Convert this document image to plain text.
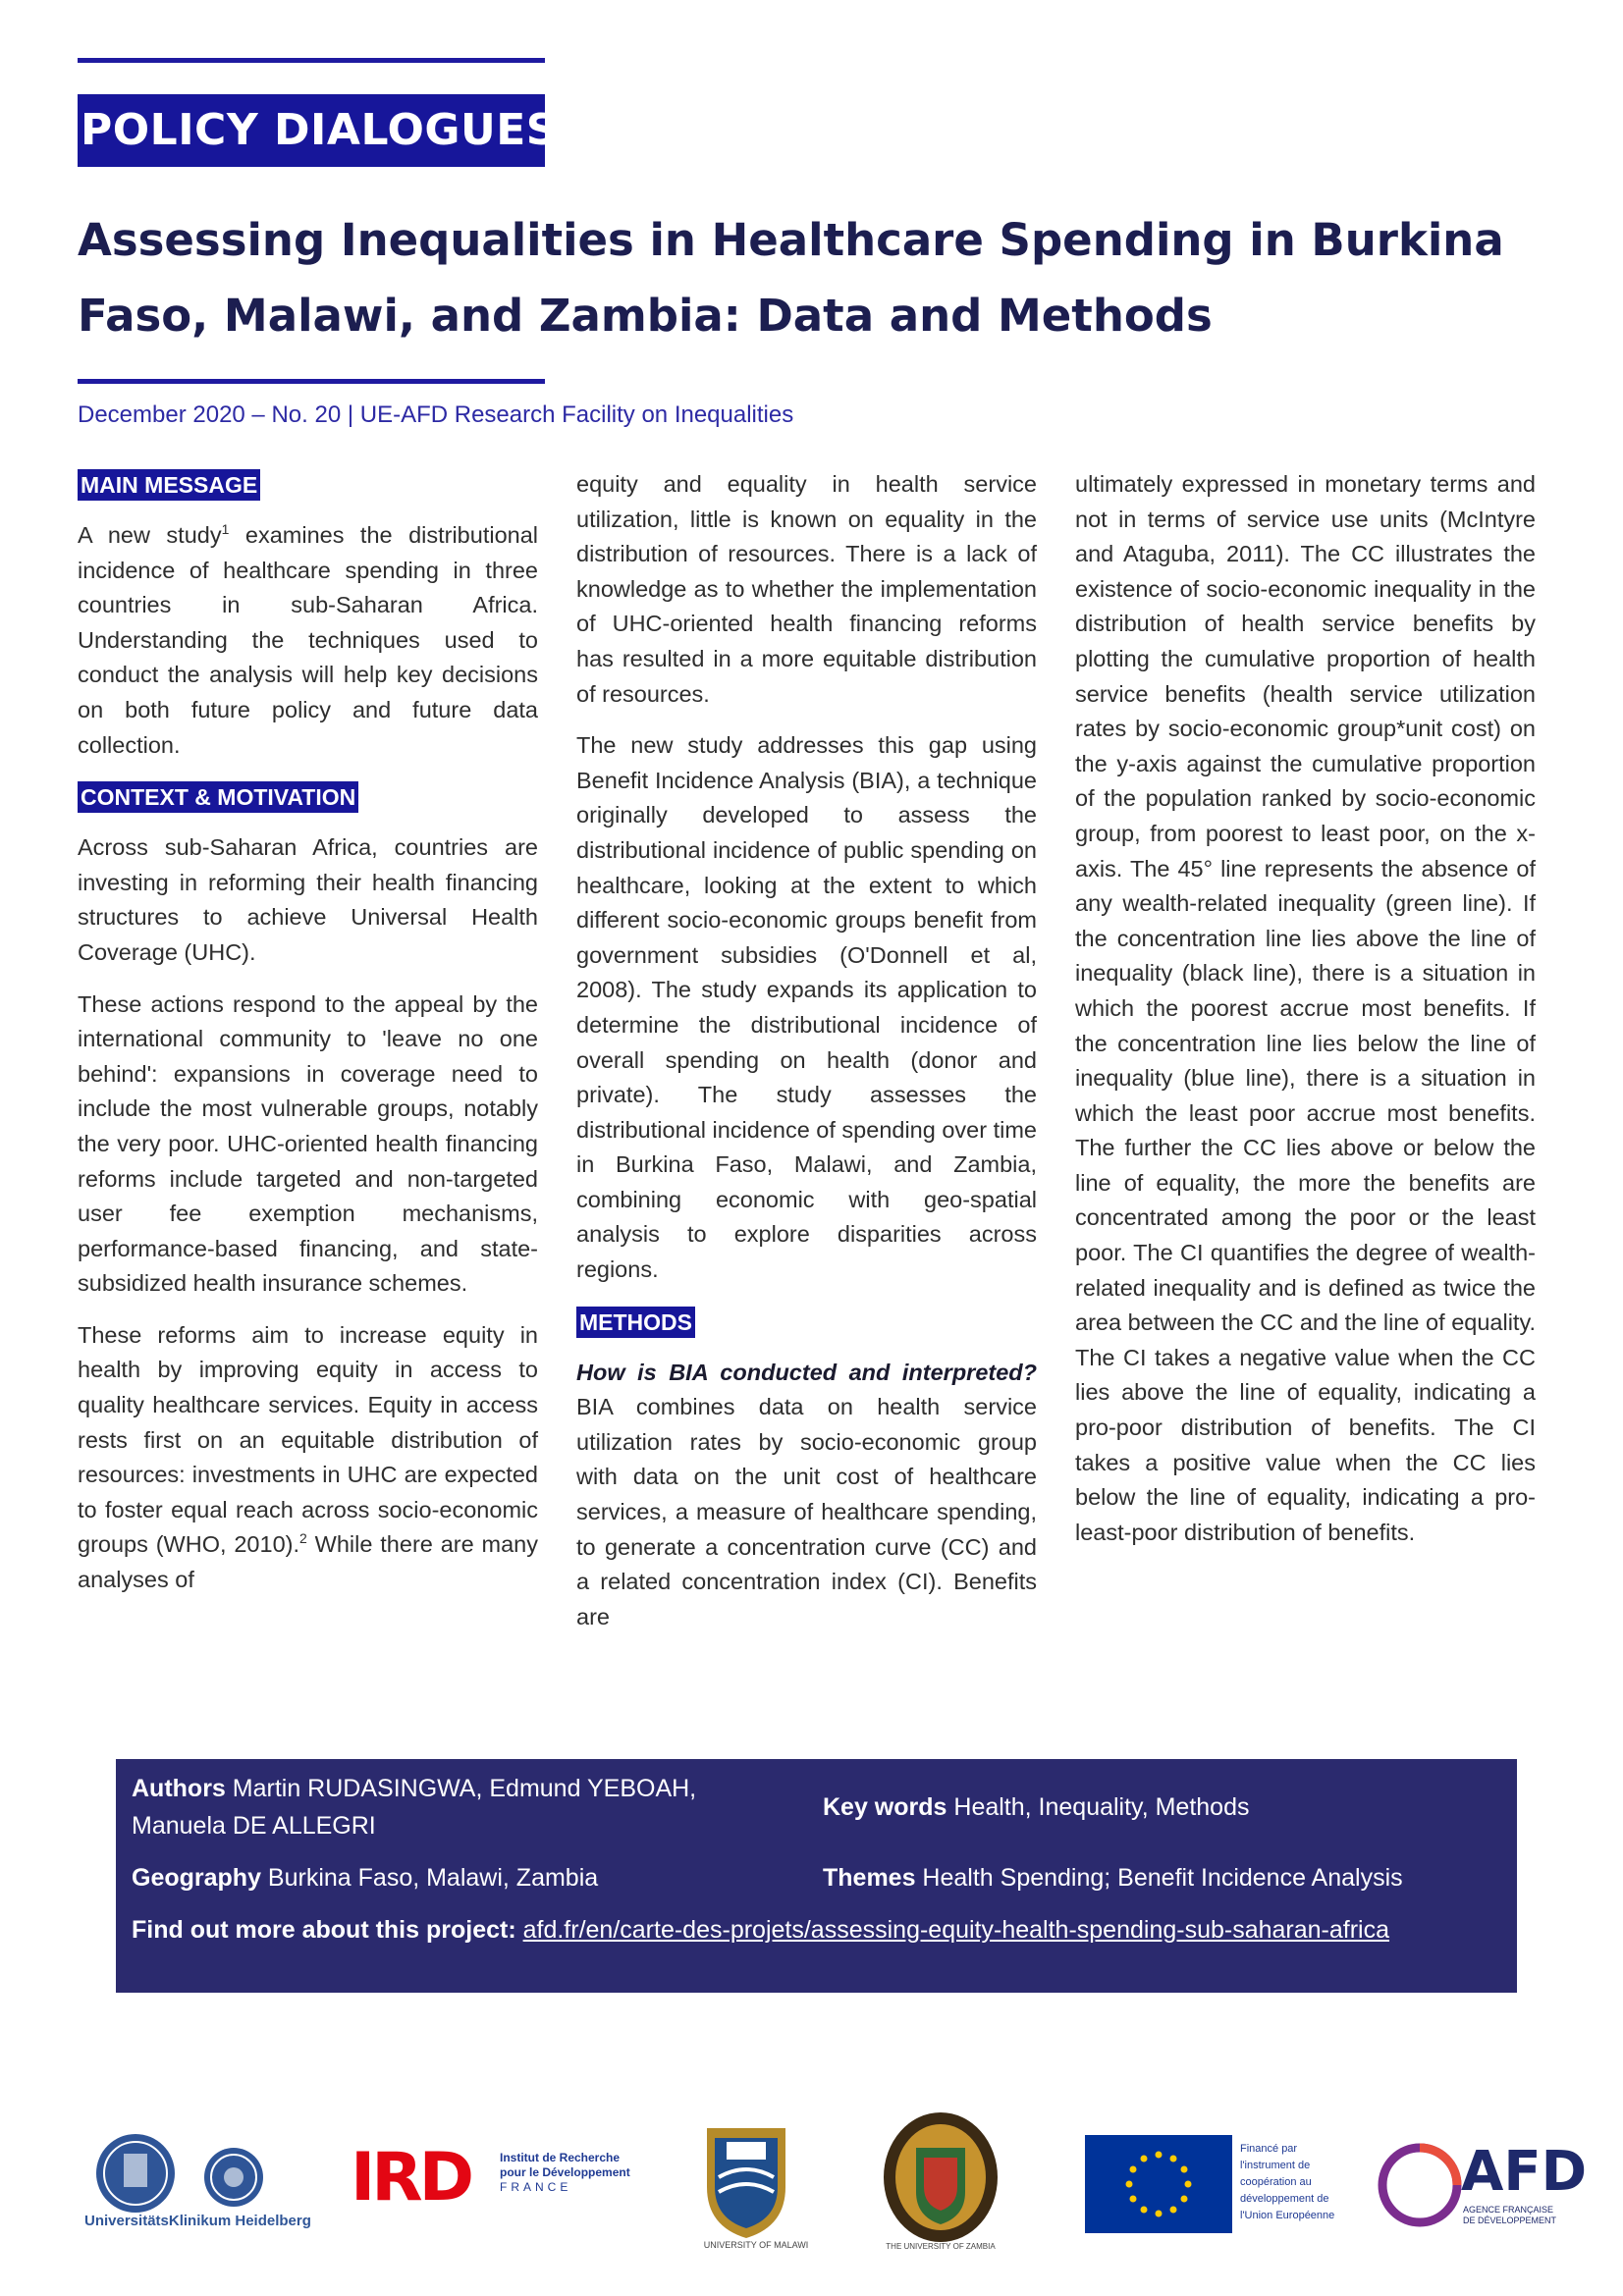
POLICY DIALOGUES
Assessing Inequalities in Healthcare Spending in Burkina Faso, Malawi, and Zambia: Data and Methods
December 2020 – No. 20 | UE-AFD Research Facility on Inequalities
MAIN MESSAGE

A new study$^1$ examines the distributional incidence of healthcare spending in three countries in sub-Saharan Africa. Understanding the techniques used to conduct the analysis will help key decisions on both future policy and future data collection.

CONTEXT & MOTIVATION

Across sub-Saharan Africa, countries are investing in reforming their health financing structures to achieve Universal Health Coverage (UHC).

These actions respond to the appeal by the international community to 'leave no one behind': expansions in coverage need to include the most vulnerable groups, notably the very poor. UHC-oriented health financing reforms include targeted and non-targeted user fee exemption mechanisms, performance-based financing, and state-subsidized health insurance schemes.

These reforms aim to increase equity in health by improving equity in access to quality healthcare services. Equity in access rests first on an equitable distribution of resources: investments in UHC are expected to foster equal reach across socio-economic groups (WHO, 2010).$^2$ While there are many analyses of

equity and equality in health service utilization, little is known on equality in the distribution of resources. There is a lack of knowledge as to whether the implementation of UHC-oriented health financing reforms has resulted in a more equitable distribution of resources.

The new study addresses this gap using Benefit Incidence Analysis (BIA), a technique originally developed to assess the distributional incidence of public spending on healthcare, looking at the extent to which different socio-economic groups benefit from government subsidies (O'Donnell et al, 2008). The study expands its application to determine the distributional incidence of overall spending on health (donor and private). The study assesses the distributional incidence of spending over time in Burkina Faso, Malawi, and Zambia, combining economic with geo-spatial analysis to explore disparities across regions.

METHODS

How is BIA conducted and interpreted? BIA combines data on health service utilization rates by socio-economic group with data on the unit cost of healthcare services, a measure of healthcare spending, to generate a concentration curve (CC) and a related concentration index (CI). Benefits are

ultimately expressed in monetary terms and not in terms of service use units (McIntyre and Ataguba, 2011). The CC illustrates the existence of socio-economic inequality in the distribution of health service benefits by plotting the cumulative proportion of health service benefits (health service utilization rates by socio-economic group*unit cost) on the y-axis against the cumulative proportion of the population ranked by socio-economic group, from poorest to least poor, on the x-axis. The 45° line represents the absence of any wealth-related inequality (green line). If the concentration line lies above the line of inequality (black line), there is a situation in which the poorest accrue most benefits. If the concentration line lies below the line of inequality (blue line), there is a situation in which the least poor accrue most benefits. The further the CC lies above or below the line of equality, the more the benefits are concentrated among the poor or the least poor. The CI quantifies the degree of wealth-related inequality and is defined as twice the area between the CC and the line of equality. The CI takes a negative value when the CC lies above the line of equality, indicating a pro-poor distribution of benefits. The CI takes a positive value when the CC lies below the line of equality, indicating a pro-least-poor distribution of benefits.

Authors Martin RUDASINGWA, Edmund YEBOAH, Manuela DE ALLEGRI
Key words Health, Inequality, Methods
Geography Burkina Faso, Malawi, Zambia	Themes Health Spending; Benefit Incidence Analysis
Find out more about this project: afd.fr/en/carte-des-projets/assessing-equity-health-spending-sub-saharan-africa
UniversitätsKlinikum Heidelberg
IRD Institut de Recherche
pour le Développement
FRANCE
UNIVERSITY OF MALAWI	THE UNIVERSITY OF ZAMBIA
Financé par
l'instrument de
coopération au
développement de
l'Union Européenne
AFD
AGENCE FRANÇAISE
DE DÉVELOPPEMENT
